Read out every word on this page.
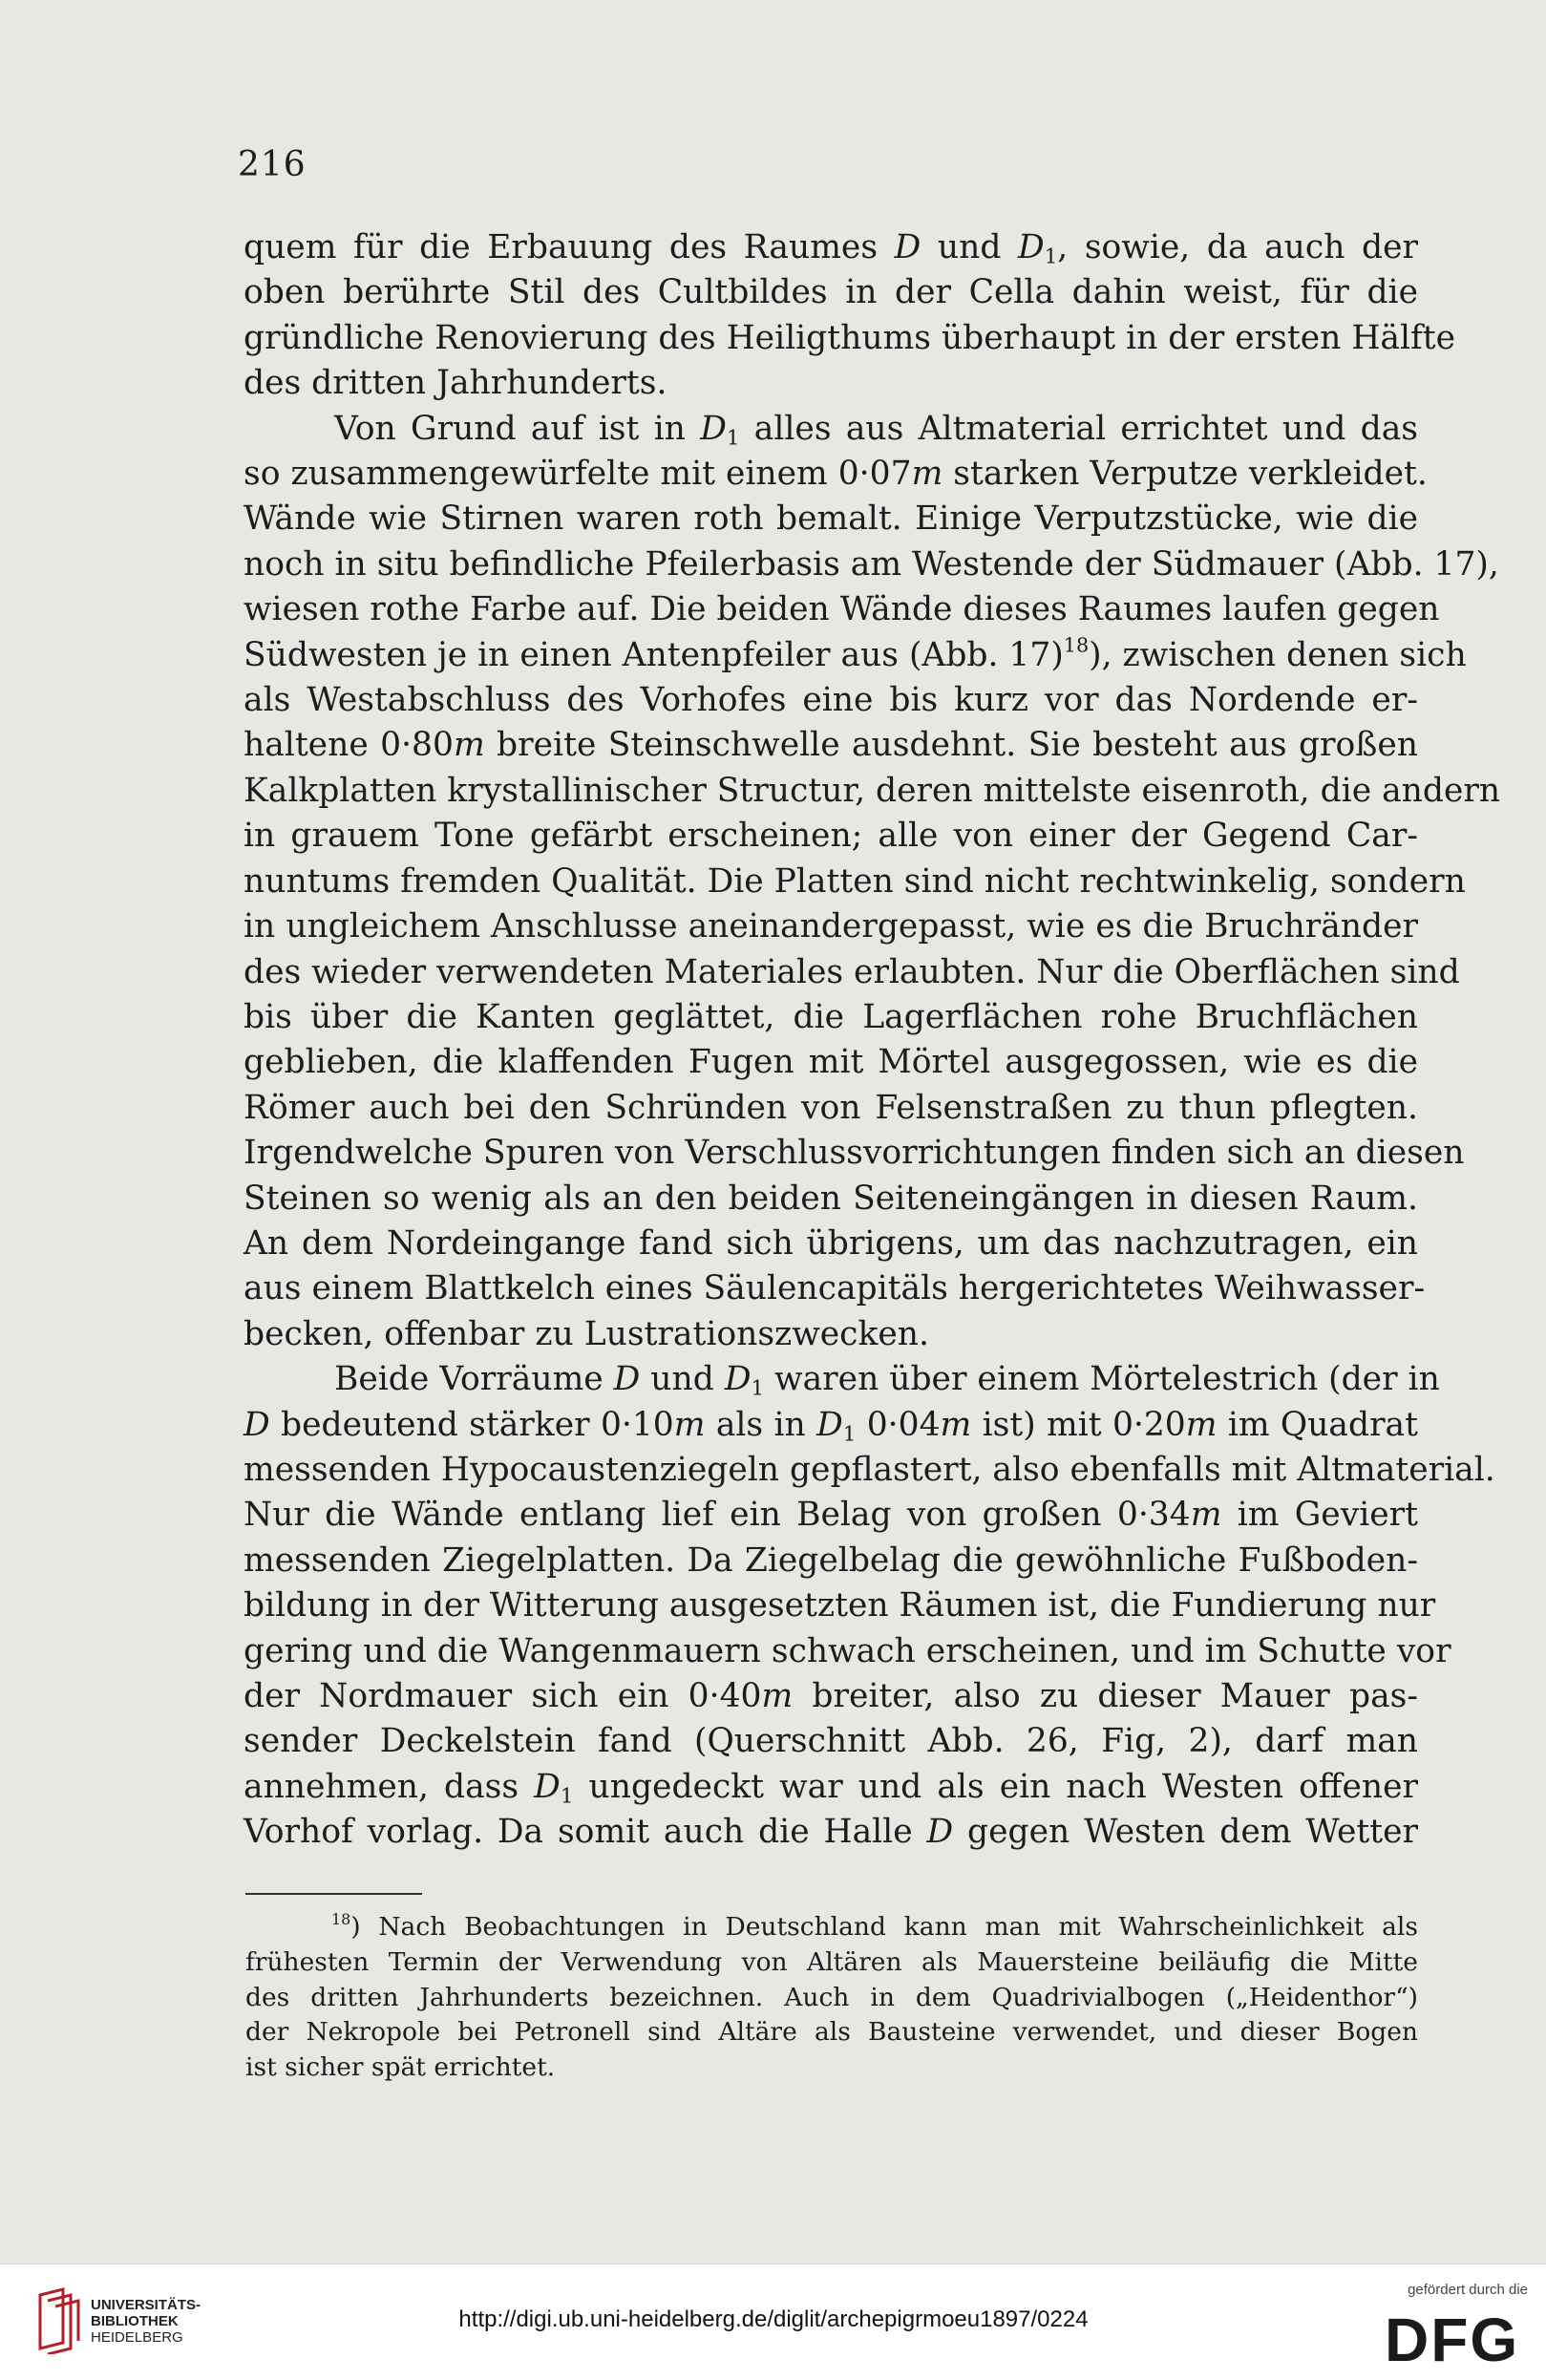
216
quem für die Erbauung des Raumes D und $D_1$, sowie, da auch der
oben berührte Stil des Cultbildes in der Cella dahin weist, für die
gründliche Renovierung des Heiligthums überhaupt in der ersten Hälfte
des dritten Jahrhunderts.
Von Grund auf ist in $D_1$ alles aus Altmaterial errichtet und das
so zusammengewürfelte mit einem 0·07m starken Verputze verkleidet.
Wände wie Stirnen waren roth bemalt. Einige Verputzstücke, wie die
noch in situ befindliche Pfeilerbasis am Westende der Südmauer (Abb. 17),
wiesen rothe Farbe auf. Die beiden Wände dieses Raumes laufen gegen
Südwesten je in einen Antenpfeiler aus (Abb. 17)$^{18}$), zwischen denen sich
als Westabschluss des Vorhofes eine bis kurz vor das Nordende er-
haltene 0·80m breite Steinschwelle ausdehnt. Sie besteht aus großen
Kalkplatten krystallinischer Structur, deren mittelste eisenroth, die andern
in grauem Tone gefärbt erscheinen; alle von einer der Gegend Car-
nuntums fremden Qualität. Die Platten sind nicht rechtwinkelig, sondern
in ungleichem Anschlusse aneinandergepasst, wie es die Bruchränder
des wieder verwendeten Materiales erlaubten. Nur die Oberflächen sind
bis über die Kanten geglättet, die Lagerflächen rohe Bruchflächen
geblieben, die klaffenden Fugen mit Mörtel ausgegossen, wie es die
Römer auch bei den Schründen von Felsenstraßen zu thun pflegten.
Irgendwelche Spuren von Verschlussvorrichtungen finden sich an diesen
Steinen so wenig als an den beiden Seiteneingängen in diesen Raum.
An dem Nordeingange fand sich übrigens, um das nachzutragen, ein
aus einem Blattkelch eines Säulencapitäls hergerichtetes Weihwasser-
becken, offenbar zu Lustrationszwecken.
Beide Vorräume D und $D_1$ waren über einem Mörtelestrich (der in
D bedeutend stärker 0·10m als in $D_1$ 0·04m ist) mit 0·20m im Quadrat
messenden Hypocaustenziegeln gepflastert, also ebenfalls mit Altmaterial.
Nur die Wände entlang lief ein Belag von großen 0·34m im Geviert
messenden Ziegelplatten. Da Ziegelbelag die gewöhnliche Fußboden-
bildung in der Witterung ausgesetzten Räumen ist, die Fundierung nur
gering und die Wangenmauern schwach erscheinen, und im Schutte vor
der Nordmauer sich ein 0·40m breiter, also zu dieser Mauer pas-
sender Deckelstein fand (Querschnitt Abb. 26, Fig, 2), darf man
annehmen, dass $D_1$ ungedeckt war und als ein nach Westen offener
Vorhof vorlag. Da somit auch die Halle D gegen Westen dem Wetter
$^{18}$) Nach Beobachtungen in Deutschland kann man mit Wahrscheinlichkeit als
frühesten Termin der Verwendung von Altären als Mauersteine beiläufig die Mitte
des dritten Jahrhunderts bezeichnen. Auch in dem Quadrivialbogen („Heidenthor“)
der Nekropole bei Petronell sind Altäre als Bausteine verwendet, und dieser Bogen
ist sicher spät errichtet.
UNIVERSITÄTS-
BIBLIOTHEK
HEIDELBERG
http://digi.ub.uni-heidelberg.de/diglit/archepigrmoeu1897/0224
gefördert durch die
DFG
